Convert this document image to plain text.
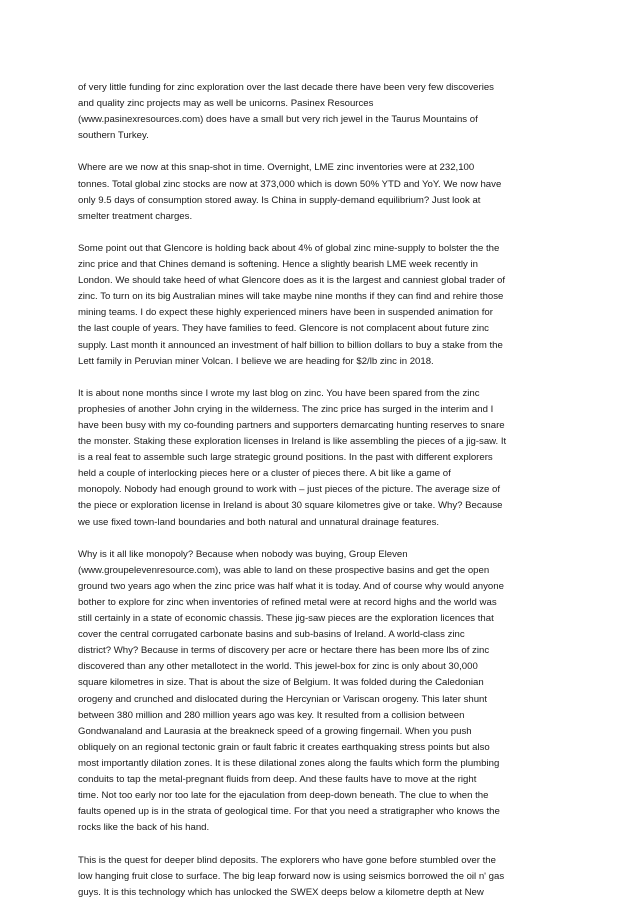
of very little funding for zinc exploration over the last decade there have been very few discoveries
and quality zinc projects may as well be unicorns. Pasinex Resources
(www.pasinexresources.com) does have a small but very rich jewel in the Taurus Mountains of
southern Turkey.

Where are we now at this snap-shot in time. Overnight, LME zinc inventories were at 232,100
tonnes. Total global zinc stocks are now at 373,000 which is down 50% YTD and YoY. We now have
only 9.5 days of consumption stored away. Is China in supply-demand equilibrium? Just look at
smelter treatment charges.

Some point out that Glencore is holding back about 4% of global zinc mine-supply to bolster the the
zinc price and that Chines demand is softening. Hence a slightly bearish LME week recently in
London. We should take heed of what Glencore does as it is the largest and canniest global trader of
zinc. To turn on its big Australian mines will take maybe nine months if they can find and rehire those
mining teams. I do expect these highly experienced miners have been in suspended animation for
the last couple of years. They have families to feed. Glencore is not complacent about future zinc
supply. Last month it announced an investment of half billion to billion dollars to buy a stake from the
Lett family in Peruvian miner Volcan. I believe we are heading for $2/lb zinc in 2018.

It is about none months since I wrote my last blog on zinc. You have been spared from the zinc
prophesies of another John crying in the wilderness. The zinc price has surged in the interim and I
have been busy with my co-founding partners and supporters demarcating hunting reserves to snare
the monster. Staking these exploration licenses in Ireland is like assembling the pieces of a jig-saw. It
is a real feat to assemble such large strategic ground positions. In the past with different explorers
held a couple of interlocking pieces here or a cluster of pieces there. A bit like a game of
monopoly. Nobody had enough ground to work with – just pieces of the picture. The average size of
the piece or exploration license in Ireland is about 30 square kilometres give or take. Why? Because
we use fixed town-land boundaries and both natural and unnatural drainage features.

Why is it all like monopoly? Because when nobody was buying, Group Eleven
(www.groupelevenresource.com), was able to land on these prospective basins and get the open
ground two years ago when the zinc price was half what it is today. And of course why would anyone
bother to explore for zinc when inventories of refined metal were at record highs and the world was
still certainly in a state of economic chassis. These jig-saw pieces are the exploration licences that
cover the central corrugated carbonate basins and sub-basins of Ireland. A world-class zinc
district? Why? Because in terms of discovery per acre or hectare there has been more lbs of zinc
discovered than any other metallotect in the world. This jewel-box for zinc is only about 30,000
square kilometres in size. That is about the size of Belgium. It was folded during the Caledonian
orogeny and crunched and dislocated during the Hercynian or Variscan orogeny. This later shunt
between 380 million and 280 million years ago was key. It resulted from a collision between
Gondwanaland and Laurasia at the breakneck speed of a growing fingernail. When you push
obliquely on an regional tectonic grain or fault fabric it creates earthquaking stress points but also
most importantly dilation zones. It is these dilational zones along the faults which form the plumbing
conduits to tap the metal-pregnant fluids from deep. And these faults have to move at the right
time. Not too early nor too late for the ejaculation from deep-down beneath. The clue to when the
faults opened up is in the strata of geological time. For that you need a stratigrapher who knows the
rocks like the back of his hand.

This is the quest for deeper blind deposits. The explorers who have gone before stumbled over the
low hanging fruit close to surface. The big leap forward now is using seismics borrowed the oil n' gas
guys. It is this technology which has unlocked the SWEX deeps below a kilometre depth at New
